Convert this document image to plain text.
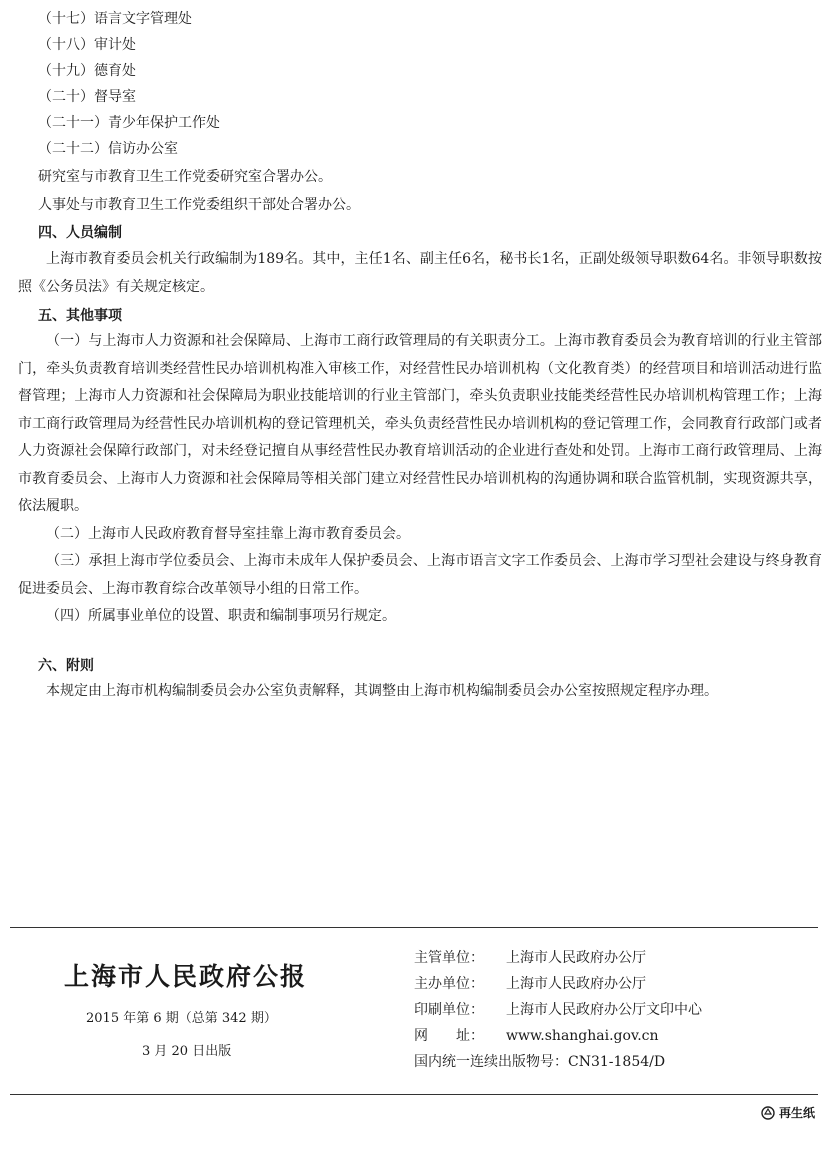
（十七）语言文字管理处
（十八）审计处
（十九）德育处
（二十）督导室
（二十一）青少年保护工作处
（二十二）信访办公室
研究室与市教育卫生工作党委研究室合署办公。
人事处与市教育卫生工作党委组织干部处合署办公。
四、人员编制

上海市教育委员会机关行政编制为189名。其中，主任1名、副主任6名，秘书长1名，正副处级领导职数64名。非领导职数按照《公务员法》有关规定核定。

五、其他事项

（一）与上海市人力资源和社会保障局、上海市工商行政管理局的有关职责分工。上海市教育委员会为教育培训的行业主管部门，牵头负责教育培训类经营性民办培训机构准入审核工作，对经营性民办培训机构（文化教育类）的经营项目和培训活动进行监督管理；上海市人力资源和社会保障局为职业技能培训的行业主管部门，牵头负责职业技能类经营性民办培训机构管理工作；上海市工商行政管理局为经营性民办培训机构的登记管理机关，牵头负责经营性民办培训机构的登记管理工作，会同教育行政部门或者人力资源社会保障行政部门，对未经登记擅自从事经营性民办教育培训活动的企业进行查处和处罚。上海市工商行政管理局、上海市教育委员会、上海市人力资源和社会保障局等相关部门建立对经营性民办培训机构的沟通协调和联合监管机制，实现资源共享，依法履职。

（二）上海市人民政府教育督导室挂靠上海市教育委员会。

（三）承担上海市学位委员会、上海市未成年人保护委员会、上海市语言文字工作委员会、上海市学习型社会建设与终身教育促进委员会、上海市教育综合改革领导小组的日常工作。

（四）所属事业单位的设置、职责和编制事项另行规定。

六、附则

本规定由上海市机构编制委员会办公室负责解释，其调整由上海市机构编制委员会办公室按照规定程序办理。

上海市人民政府公报
2015 年第 6 期（总第 342 期）
3 月 20 日出版
主管单位： 上海市人民政府办公厅
主办单位： 上海市人民政府办公厅
印刷单位： 上海市人民政府办公厅文印中心
网　　址： www.shanghai.gov.cn
国内统一连续出版物号：CN31-1854/D
再生纸
